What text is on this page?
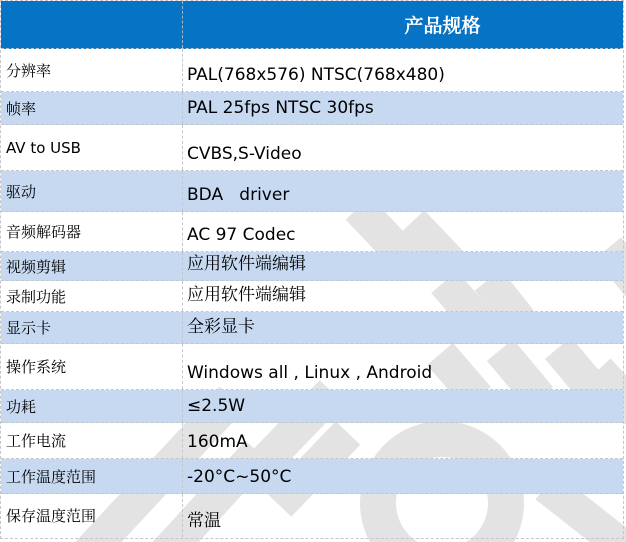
产品规格
分辨率	PAL(768x576) NTSC(768x480)
帧率	PAL 25fps NTSC 30fps
AV to USB	CVBS,S-Video
驱动	BDA   driver
音频解码器	AC 97 Codec
视频剪辑	应用软件端编辑
录制功能	应用软件端编辑
显示卡	全彩显卡
操作系统	Windows all , Linux , Android
功耗	≤2.5W
工作电流	160mA
工作温度范围	-20°C~50°C
保存温度范围	常温
